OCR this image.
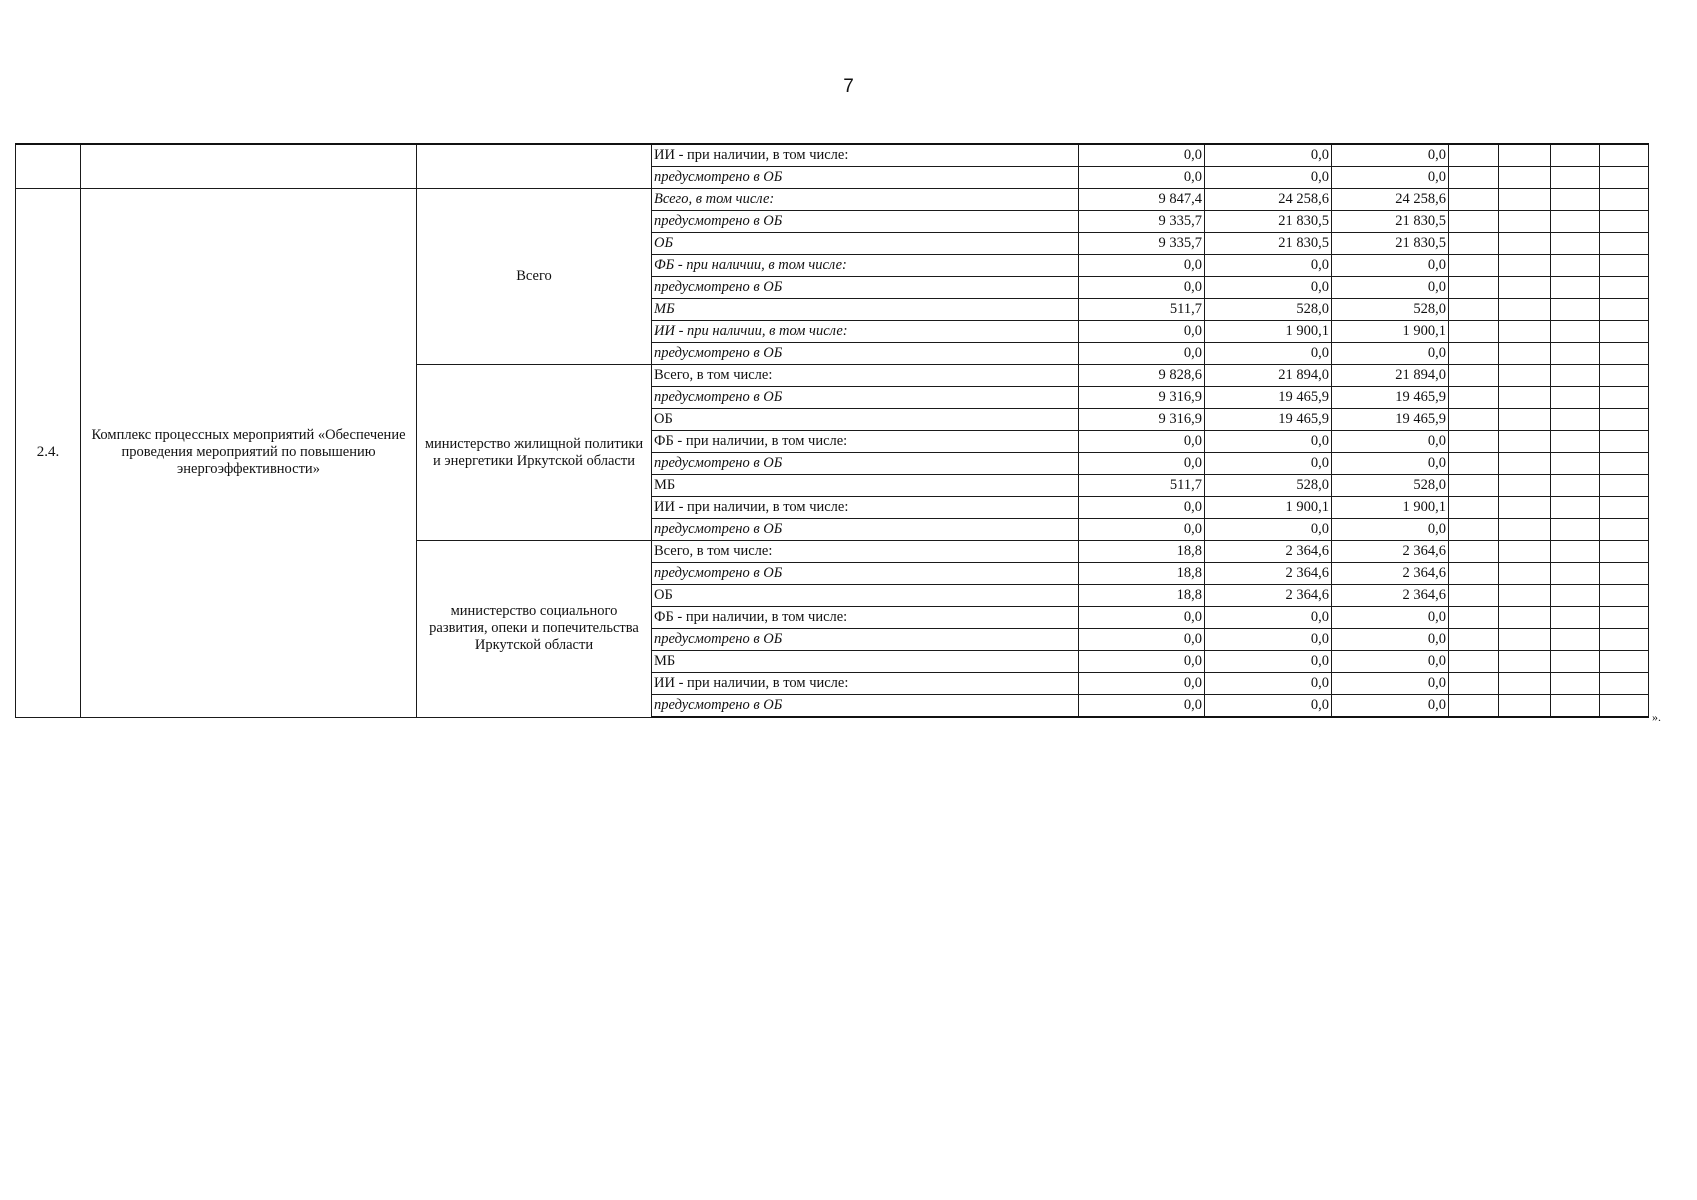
7
			ИИ - при наличии, в том числе:	0,0	0,0	0,0				
			предусмотрено в ОБ	0,0	0,0	0,0				
2.4.	Комплекс процессных мероприятий «Обеспечение проведения мероприятий по повышению энергоэффективности»	Всего	Всего, в том числе:	9 847,4	24 258,6	24 258,6				
			предусмотрено в ОБ	9 335,7	21 830,5	21 830,5				
			ОБ	9 335,7	21 830,5	21 830,5				
			ФБ - при наличии, в том числе:	0,0	0,0	0,0				
			предусмотрено в ОБ	0,0	0,0	0,0				
			МБ	511,7	528,0	528,0				
			ИИ - при наличии, в том числе:	0,0	1 900,1	1 900,1				
			предусмотрено в ОБ	0,0	0,0	0,0				
		министерство жилищной политики и энергетики Иркутской области	Всего, в том числе:	9 828,6	21 894,0	21 894,0				
			предусмотрено в ОБ	9 316,9	19 465,9	19 465,9				
			ОБ	9 316,9	19 465,9	19 465,9				
			ФБ - при наличии, в том числе:	0,0	0,0	0,0				
			предусмотрено в ОБ	0,0	0,0	0,0				
			МБ	511,7	528,0	528,0				
			ИИ - при наличии, в том числе:	0,0	1 900,1	1 900,1				
			предусмотрено в ОБ	0,0	0,0	0,0				
		министерство социального развития, опеки и попечительства Иркутской области	Всего, в том числе:	18,8	2 364,6	2 364,6				
			предусмотрено в ОБ	18,8	2 364,6	2 364,6				
			ОБ	18,8	2 364,6	2 364,6				
			ФБ - при наличии, в том числе:	0,0	0,0	0,0				
			предусмотрено в ОБ	0,0	0,0	0,0				
			МБ	0,0	0,0	0,0				
			ИИ - при наличии, в том числе:	0,0	0,0	0,0				
			предусмотрено в ОБ	0,0	0,0	0,0				
».
